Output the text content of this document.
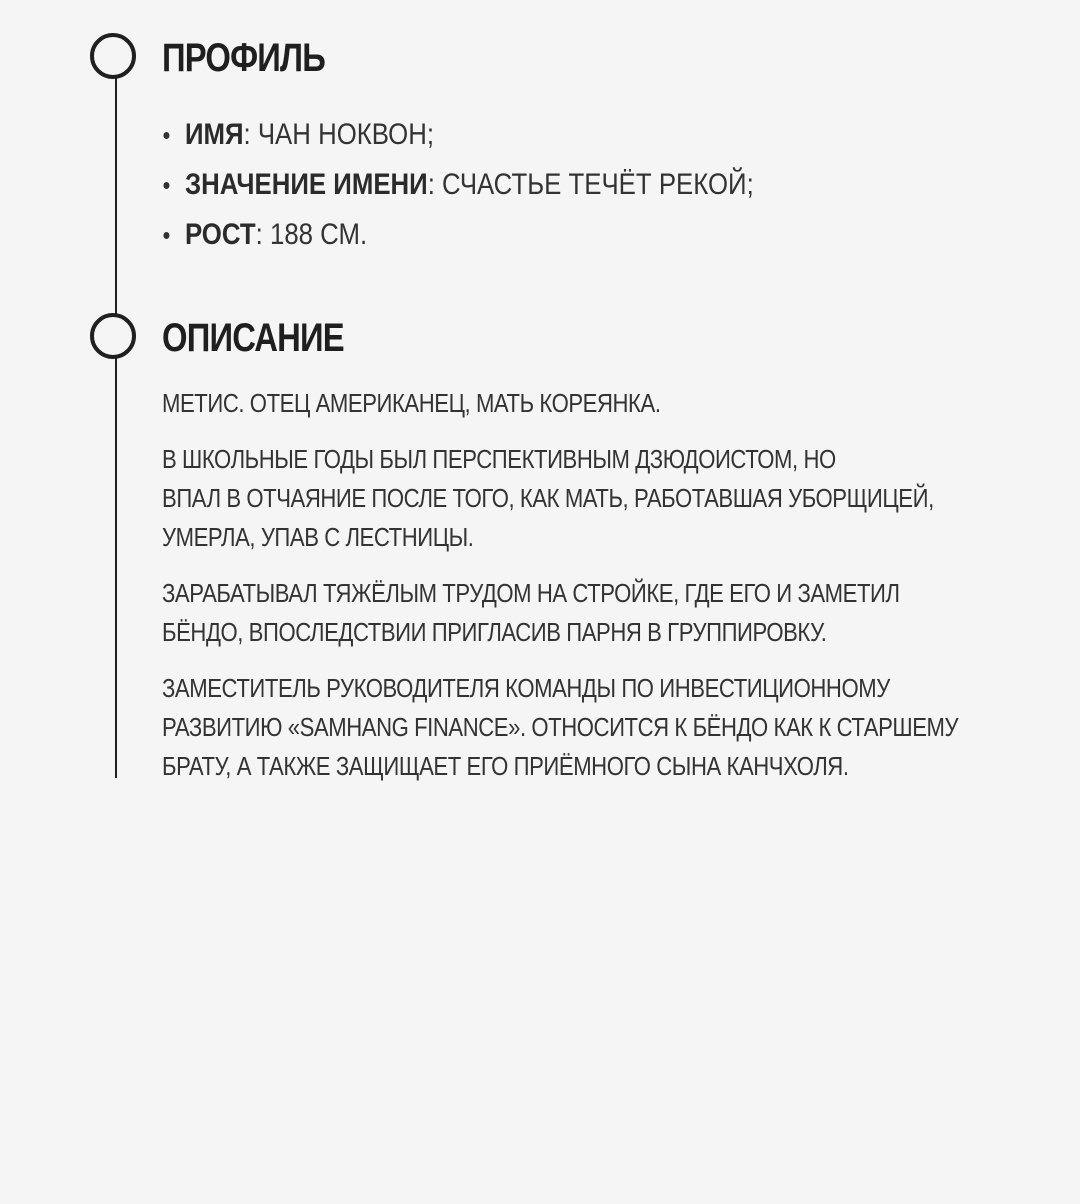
ПРОФИЛЬ
ИМЯ: ЧАН НОКВОН;
ЗНАЧЕНИЕ ИМЕНИ: СЧАСТЬЕ ТЕЧЁТ РЕКОЙ;
РОСТ: 188 СМ.
ОПИСАНИЕ

МЕТИС. ОТЕЦ АМЕРИКАНЕЦ, МАТЬ КОРЕЯНКА.

В ШКОЛЬНЫЕ ГОДЫ БЫЛ ПЕРСПЕКТИВНЫМ ДЗЮДОИСТОМ, НО
ВПАЛ В ОТЧАЯНИЕ ПОСЛЕ ТОГО, КАК МАТЬ, РАБОТАВШАЯ УБОРЩИЦЕЙ,
УМЕРЛА, УПАВ С ЛЕСТНИЦЫ.

ЗАРАБАТЫВАЛ ТЯЖЁЛЫМ ТРУДОМ НА СТРОЙКЕ, ГДЕ ЕГО И ЗАМЕТИЛ
БЁНДО, ВПОСЛЕДСТВИИ ПРИГЛАСИВ ПАРНЯ В ГРУППИРОВКУ.

ЗАМЕСТИТЕЛЬ РУКОВОДИТЕЛЯ КОМАНДЫ ПО ИНВЕСТИЦИОННОМУ
РАЗВИТИЮ «SAMHANG FINANCE». ОТНОСИТСЯ К БЁНДО КАК К СТАРШЕМУ
БРАТУ, А ТАКЖЕ ЗАЩИЩАЕТ ЕГО ПРИЁМНОГО СЫНА КАНЧХОЛЯ.
